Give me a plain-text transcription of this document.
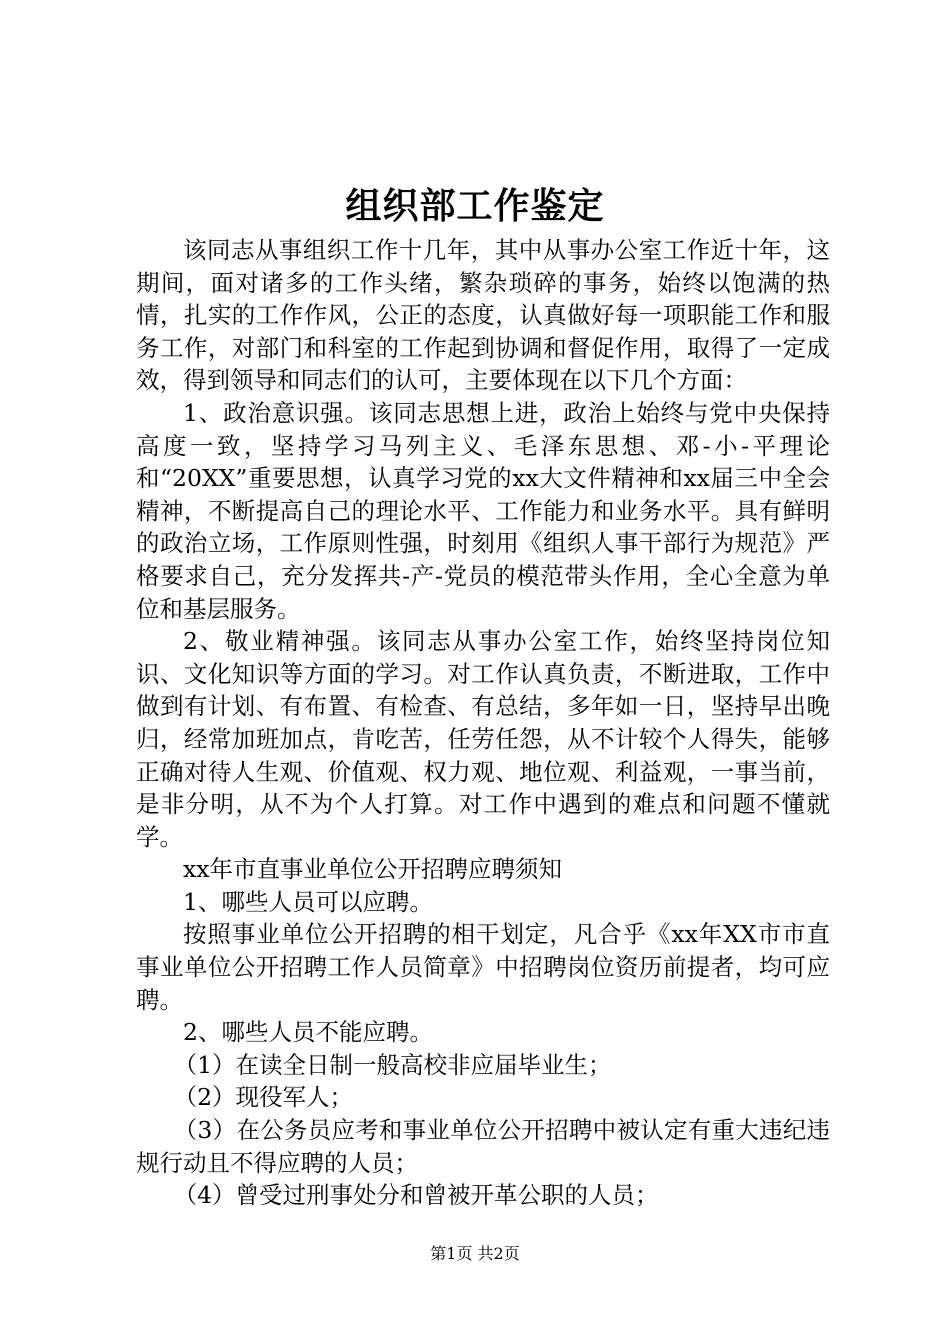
组织部工作鉴定

该同志从事组织工作十几年，其中从事办公室工作近十年，这期间，面对诸多的工作头绪，繁杂琐碎的事务，始终以饱满的热情，扎实的工作作风，公正的态度，认真做好每一项职能工作和服务工作，对部门和科室的工作起到协调和督促作用，取得了一定成效，得到领导和同志们的认可，主要体现在以下几个方面：

1、政治意识强。该同志思想上进，政治上始终与党中央保持高度一致，坚持学习马列主义、毛泽东思想、邓-小-平理论和“20XX”重要思想，认真学习党的xx大文件精神和xx届三中全会精神，不断提高自己的理论水平、工作能力和业务水平。具有鲜明的政治立场，工作原则性强，时刻用《组织人事干部行为规范》严格要求自己，充分发挥共-产-党员的模范带头作用，全心全意为单位和基层服务。

2、敬业精神强。该同志从事办公室工作，始终坚持岗位知识、文化知识等方面的学习。对工作认真负责，不断进取，工作中做到有计划、有布置、有检查、有总结，多年如一日，坚持早出晚归，经常加班加点，肯吃苦，任劳任怨，从不计较个人得失，能够正确对待人生观、价值观、权力观、地位观、利益观，一事当前，是非分明，从不为个人打算。对工作中遇到的难点和问题不懂就学。

xx年市直事业单位公开招聘应聘须知

1、哪些人员可以应聘。

按照事业单位公开招聘的相干划定，凡合乎《xx年XX市市直事业单位公开招聘工作人员简章》中招聘岗位资历前提者，均可应聘。

2、哪些人员不能应聘。

（1）在读全日制一般高校非应届毕业生；

（2）现役军人；

（3）在公务员应考和事业单位公开招聘中被认定有重大违纪违规行动且不得应聘的人员；

（4）曾受过刑事处分和曾被开革公职的人员；

第1页 共2页
